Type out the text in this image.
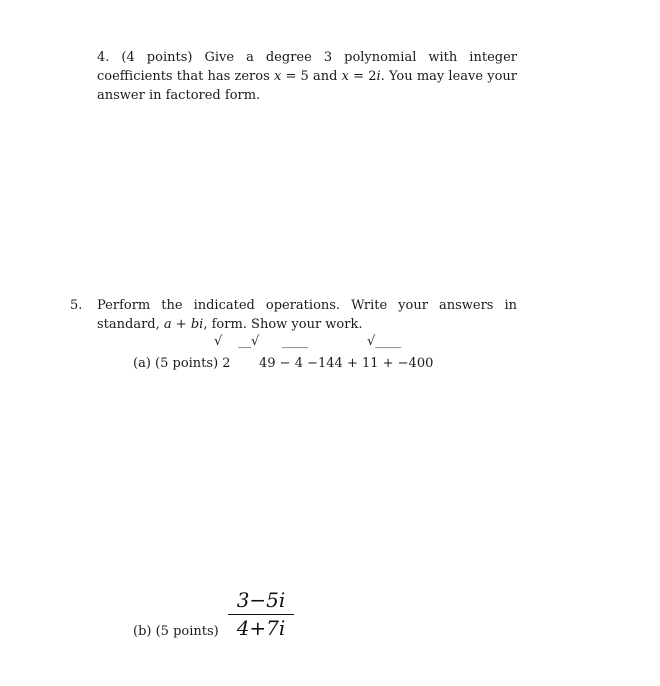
4. (4 points) Give a degree 3 polynomial with integer
coefficients that has zeros x = 5 and x = 2i. You may leave your
answer in factored form.
5. Perform the indicated operations. Write your answers in
standard, a + bi, form. Show your work.
√ __√ ____	√____
(a) (5 points) 2 49 − 4 −144 + 11 + −400
(b) (5 points) $\frac{3-5i}{4+7i}$
